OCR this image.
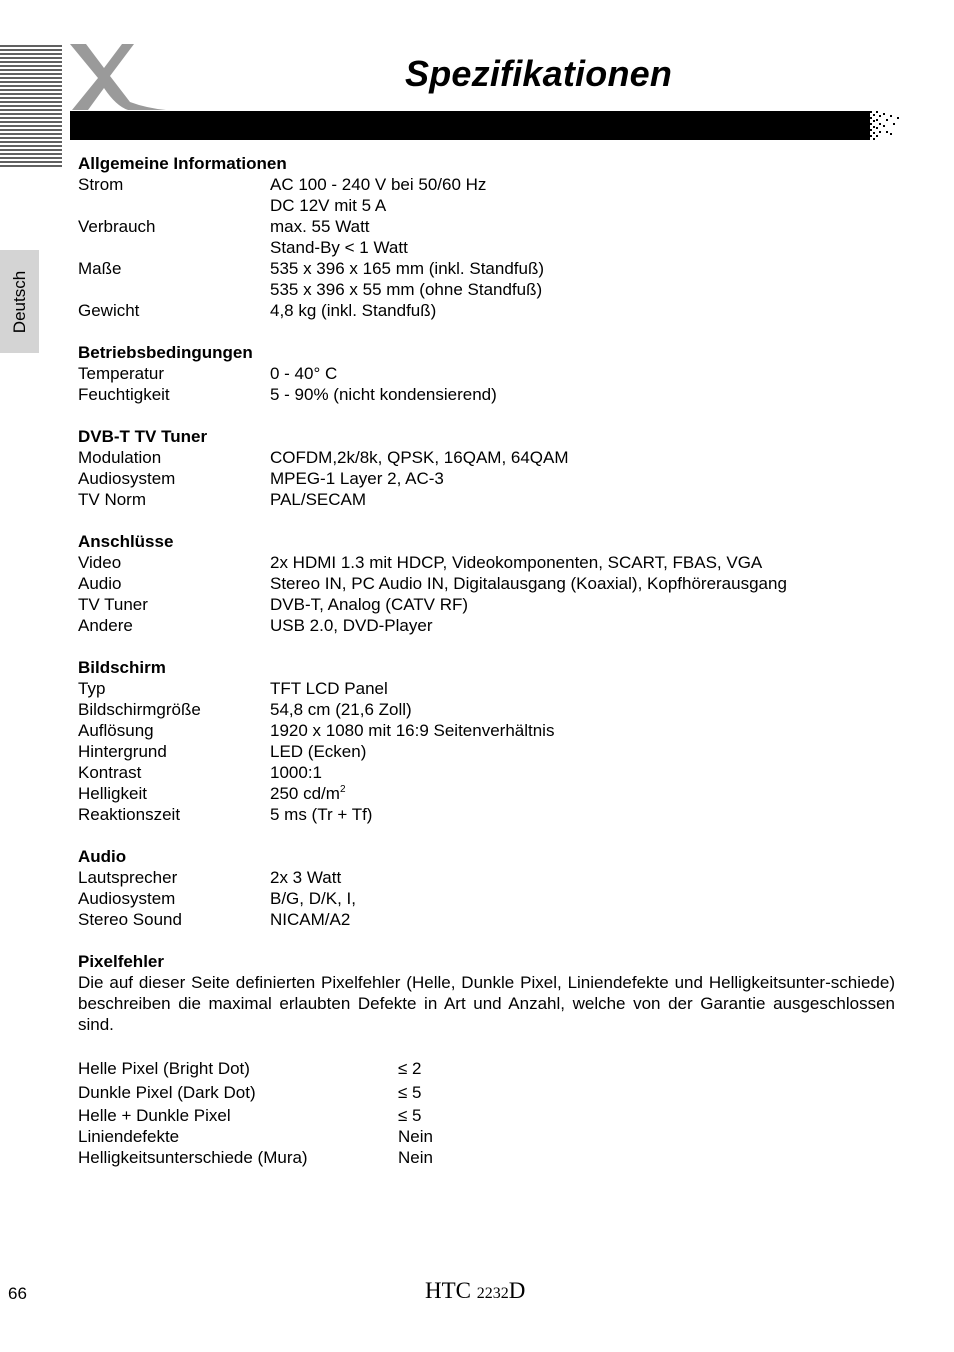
Spezifikationen
Deutsch
Allgemeine Informationen
Strom	AC 100 - 240 V bei 50/60 Hz
DC 12V mit 5 A
Verbrauch	max. 55 Watt
Stand-By < 1 Watt
Maße	535 x 396 x 165 mm (inkl. Standfuß)
535 x 396 x 55 mm (ohne Standfuß)
Gewicht	4,8 kg (inkl. Standfuß)
Betriebsbedingungen
Temperatur	0 - 40° C
Feuchtigkeit	5 - 90% (nicht kondensierend)
DVB-T TV Tuner
Modulation	COFDM,2k/8k, QPSK, 16QAM, 64QAM
Audiosystem	MPEG-1 Layer 2, AC-3
TV Norm	PAL/SECAM
Anschlüsse
Video	2x HDMI 1.3 mit HDCP, Videokomponenten, SCART, FBAS, VGA
Audio	Stereo IN, PC Audio IN, Digitalausgang (Koaxial), Kopfhörerausgang
TV Tuner	DVB-T, Analog (CATV RF)
Andere	USB 2.0, DVD-Player
Bildschirm
Typ	TFT LCD Panel
Bildschirmgröße	54,8 cm (21,6 Zoll)
Auflösung	1920 x 1080 mit 16:9 Seitenverhältnis
Hintergrund	LED (Ecken)
Kontrast	1000:1
Helligkeit	250 $cd/m^2$
Reaktionszeit	5 ms (Tr + Tf)
Audio
Lautsprecher	2x 3 Watt
Audiosystem	B/G, D/K, I,
Stereo Sound	NICAM/A2
Pixelfehler

Die auf dieser Seite definierten Pixelfehler (Helle, Dunkle Pixel, Liniendefekte und Helligkeitsunter-schiede) beschreiben die maximal erlaubten Defekte in Art und Anzahl, welche von der Garantie ausgeschlossen sind.

Helle Pixel (Bright Dot)	≤ 2
Dunkle Pixel (Dark Dot)	≤ 5
Helle + Dunkle Pixel	≤ 5
Liniendefekte	Nein
Helligkeitsunterschiede (Mura)	Nein
66	HTC 2232D
